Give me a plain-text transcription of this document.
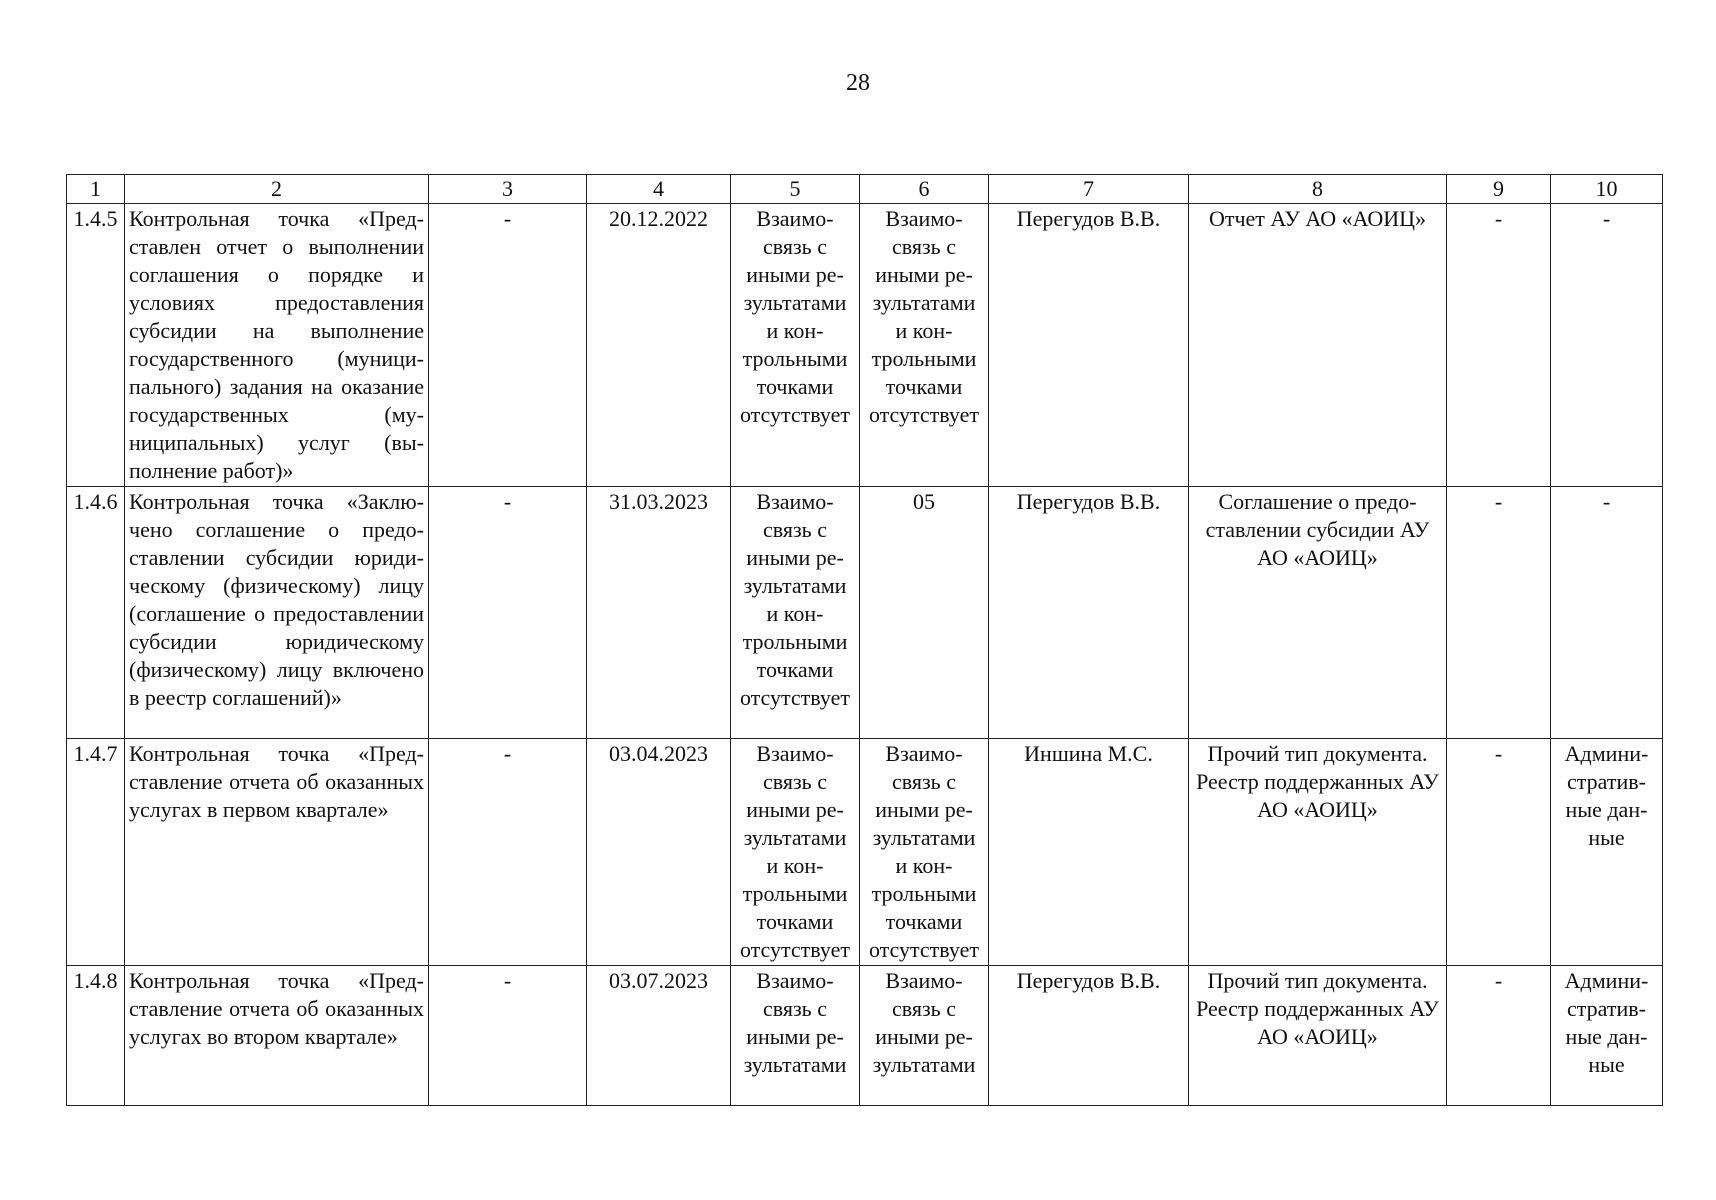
28
1	2	3	4	5	6	7	8	9	10
1.4.5	Контрольная точка «Представлен отчет о выполнении соглашения о порядке и условиях предоставления субсидии на выполнение государственного (муниципального) задания на оказание государственных (муниципальных) услуг (выполнение работ)»	-	20.12.2022	Взаимо-связь с иными ре-зультатами и кон-трольными точками отсутствует	Взаимо-связь с иными ре-зультатами и кон-трольными точками отсутствует	Перегудов В.В.	Отчет АУ АО «АОИЦ»	-	-
1.4.6	Контрольная точка «Заключено соглашение о предоставлении субсидии юридическому (физическому) лицу (соглашение о предоставлении субсидии юридическому (физическому) лицу включено в реестр соглашений)»	-	31.03.2023	Взаимо-связь с иными ре-зультатами и кон-трольными точками отсутствует	05	Перегудов В.В.	Соглашение о предо-ставлении субсидии АУ АО «АОИЦ»	-	-
1.4.7	Контрольная точка «Представление отчета об оказанных услугах в первом квартале»	-	03.04.2023	Взаимо-связь с иными ре-зультатами и кон-трольными точками отсутствует	Взаимо-связь с иными ре-зультатами и кон-трольными точками отсутствует	Иншина М.С.	Прочий тип документа. Реестр поддержанных АУ АО «АОИЦ»	-	Админи-стратив-ные дан-ные
1.4.8	Контрольная точка «Представление отчета об оказанных услугах во втором квартале»	-	03.07.2023	Взаимо-связь с иными ре-зультатами	Взаимо-связь с иными ре-зультатами	Перегудов В.В.	Прочий тип документа. Реестр поддержанных АУ АО «АОИЦ»	-	Админи-стратив-ные дан-ные
